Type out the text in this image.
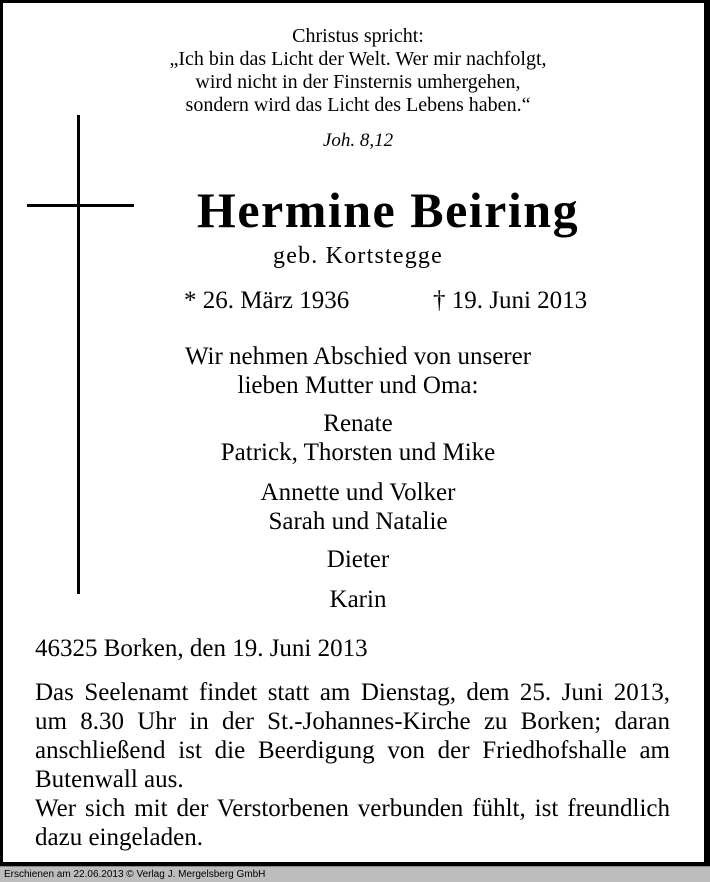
Christus spricht:
„Ich bin das Licht der Welt. Wer mir nachfolgt,
wird nicht in der Finsternis umhergehen,
sondern wird das Licht des Lebens haben.“
Joh. 8,12
Hermine Beiring
geb. Kortstegge
* 26. März 1936	† 19. Juni 2013
Wir nehmen Abschied von unserer
lieben Mutter und Oma:
Renate
Patrick, Thorsten und Mike
Annette und Volker
Sarah und Natalie
Dieter
Karin
46325 Borken, den 19. Juni 2013

Das Seelenamt findet statt am Dienstag, dem 25. Juni 2013, um 8.30 Uhr in der St.-Johannes-Kirche zu Borken; daran anschließend ist die Beerdigung von der Friedhofshalle am Butenwall aus.

Wer sich mit der Verstorbenen verbunden fühlt, ist freundlich dazu eingeladen.

Erschienen am 22.06.2013 © Verlag J. Mergelsberg GmbH
